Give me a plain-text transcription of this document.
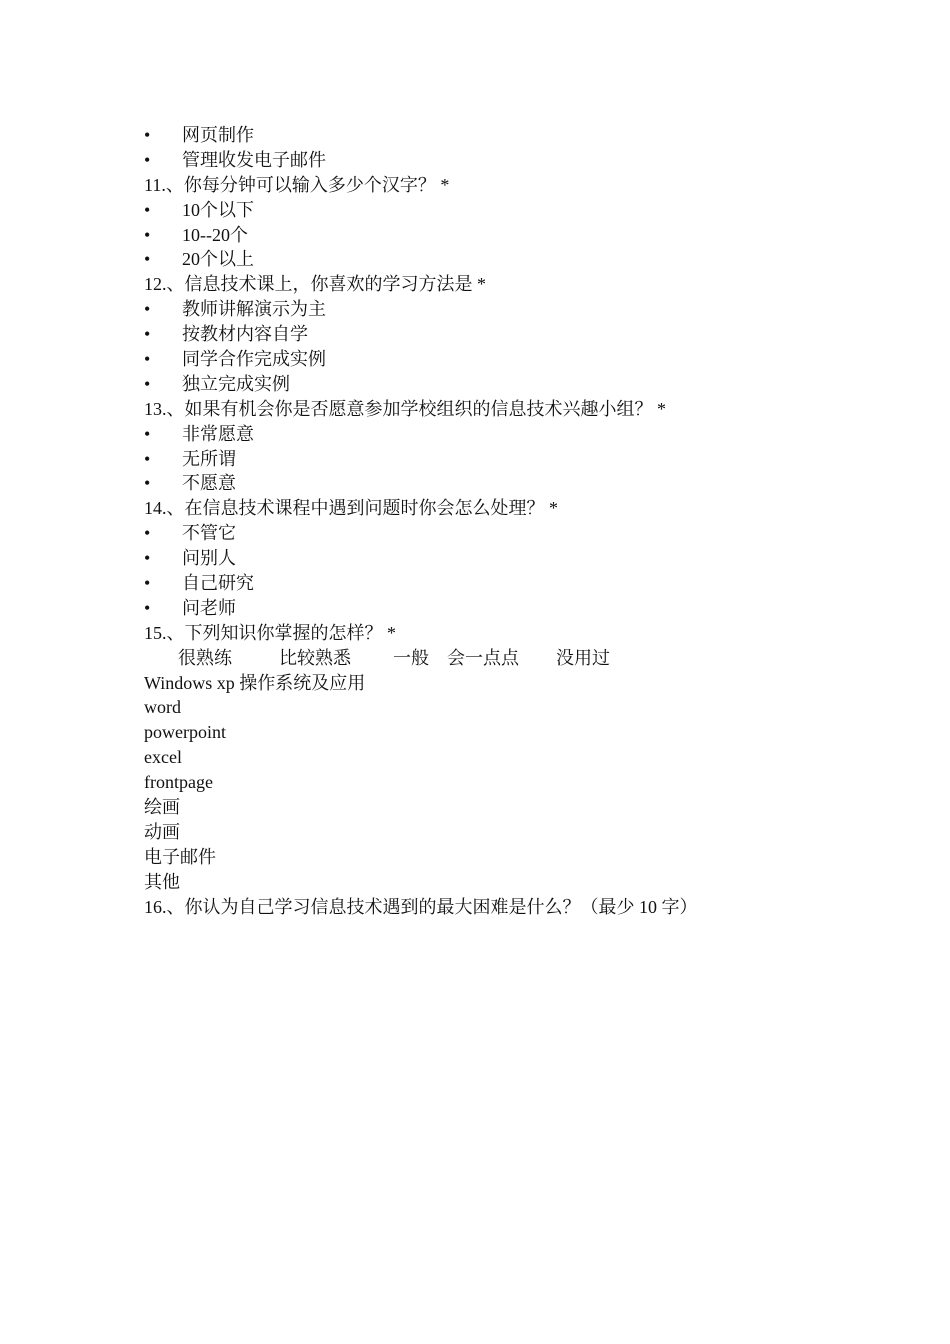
•	网页制作
•	管理收发电子邮件
11.、你每分钟可以输入多少个汉字？ *
•	10个以下
•	10--20个
•	20个以上
12.、信息技术课上，你喜欢的学习方法是 *
•	教师讲解演示为主
•	按教材内容自学
•	同学合作完成实例
•	独立完成实例
13.、如果有机会你是否愿意参加学校组织的信息技术兴趣小组？ *
•	非常愿意
•	无所谓
•	不愿意
14.、在信息技术课程中遇到问题时你会怎么处理？ *
•	不管它
•	问别人
•	自己研究
•	问老师
15.、下列知识你掌握的怎样？ *
很熟练	比较熟悉 一般 会一点点 没用过
Windows xp 操作系统及应用
word
powerpoint
excel
frontpage
绘画
动画
电子邮件
其他
16.、你认为自己学习信息技术遇到的最大困难是什么？（最少 10 字）
